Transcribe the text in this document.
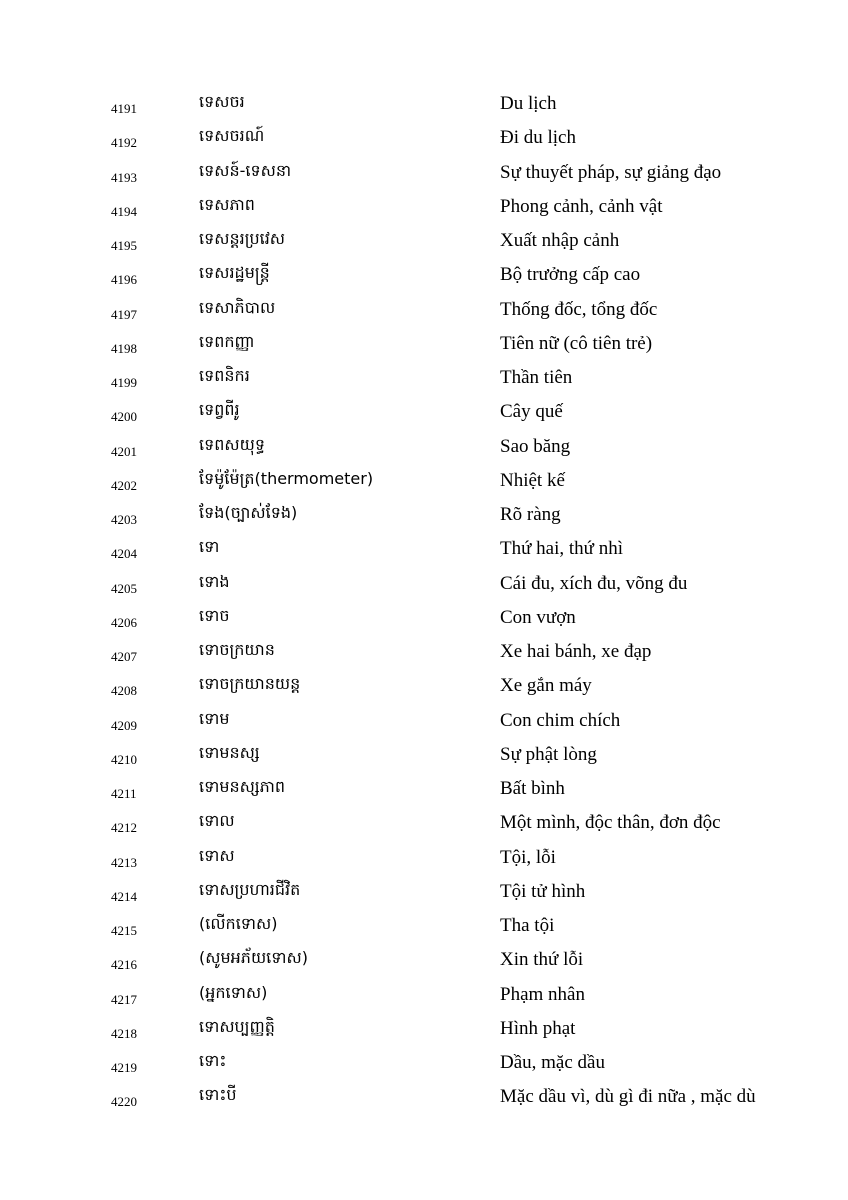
4191	ទេសចរ	Du lịch
4192	ទេសចរណ៍	Đi du lịch
4193	ទេសន៍-ទេសនា	Sự thuyết pháp, sự giảng đạo
4194	ទេសភាព	Phong cảnh, cảnh vật
4195	ទេសន្តរប្រវេស	Xuất nhập cảnh
4196	ទេសរដ្ឋមន្ត្រី	Bộ trưởng cấp cao
4197	ទេសាភិបាល	Thống đốc, tổng đốc
4198	ទេពកញ្ញា	Tiên nữ (cô tiên trẻ)
4199	ទេពនិករ	Thần tiên
4200	ទេព្វពីរូ	Cây quế
4201	ទេពសយុទ្ធ	Sao băng
4202	ទែម៉ូម៉ែត្រ(thermometer)	Nhiệt kế
4203	ទែង(ច្បាស់ទែង)	Rõ ràng
4204	ទោ	Thứ hai, thứ nhì
4205	ទោង	Cái đu, xích đu, võng đu
4206	ទោច	Con vượn
4207	ទោចក្រយាន	Xe hai bánh, xe đạp
4208	ទោចក្រយានយន្ត	Xe gắn máy
4209	ទោម	Con chim chích
4210	ទោមនស្ស	Sự phật lòng
4211	ទោមនស្សភាព	Bất bình
4212	ទោល	Một mình, độc thân, đơn độc
4213	ទោស	Tội, lỗi
4214	ទោសប្រហារជីវិត	Tội tử hình
4215	(លើកទោស)	Tha tội
4216	(សូមអភ័យទោស)	Xin thứ lỗi
4217	(អ្នកទោស)	Phạm nhân
4218	ទោសប្បញ្ញត្តិ	Hình phạt
4219	ទោះ	Dầu, mặc dầu
4220	ទោះបី	Mặc dầu vì, dù gì đi nữa , mặc dù
